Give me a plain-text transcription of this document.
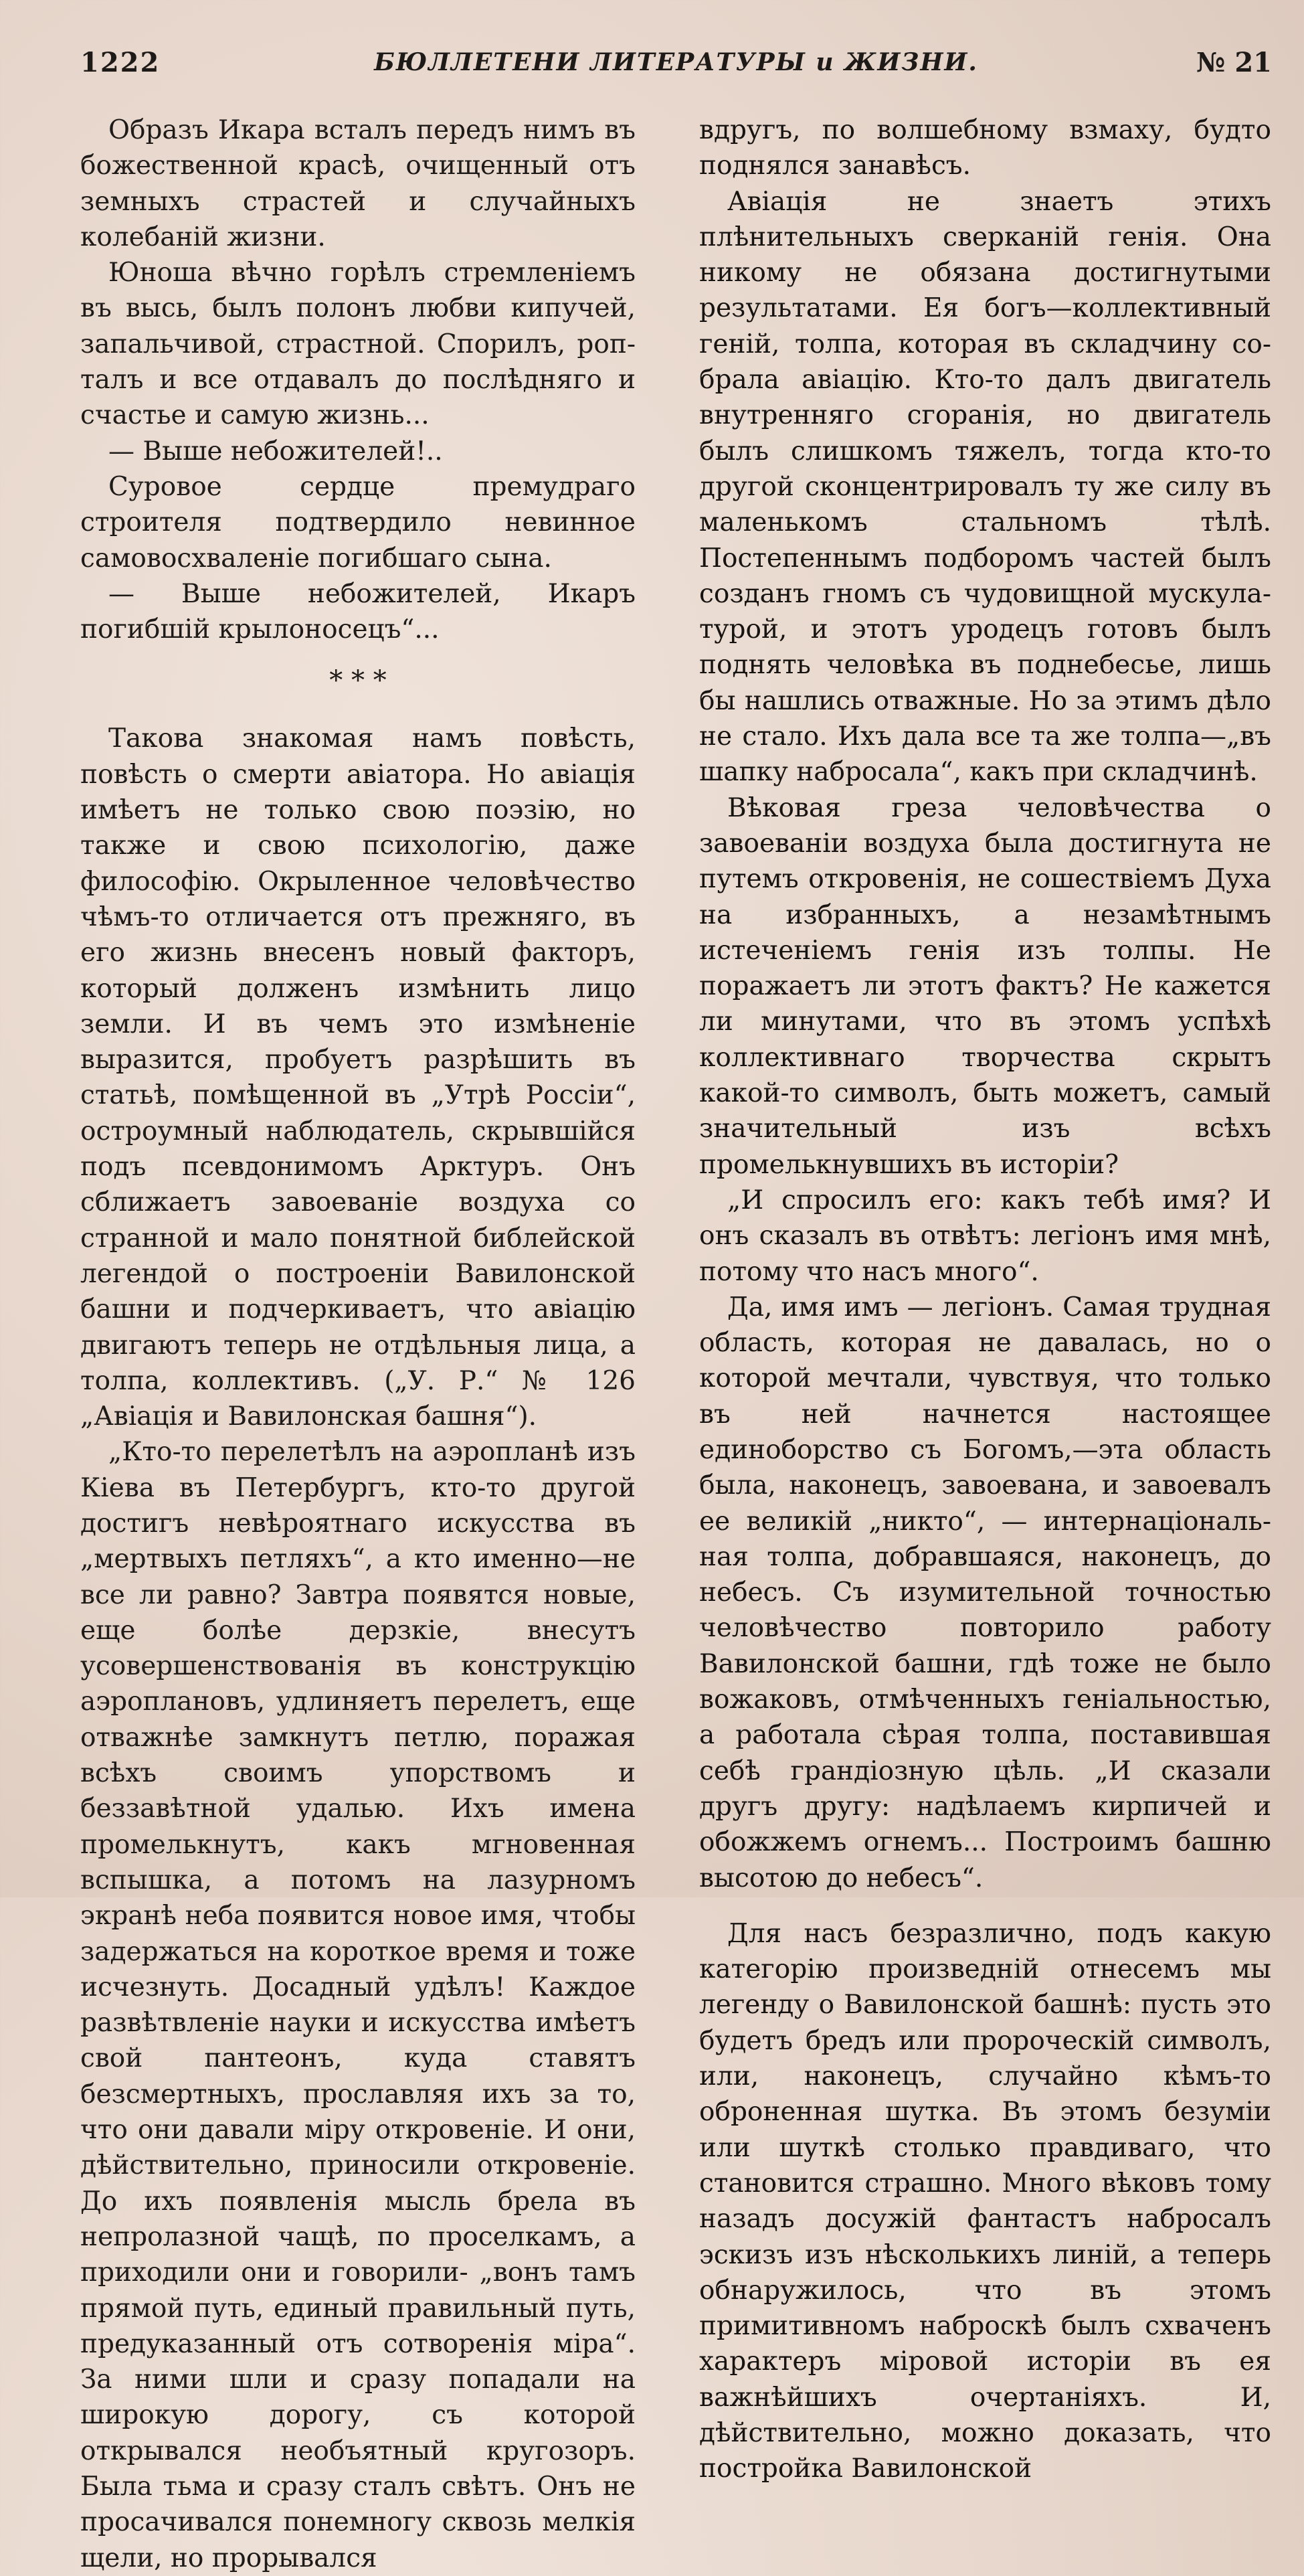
1222	БЮЛЛЕТЕНИ ЛИТЕРАТУРЫ и ЖИЗНИ.	№ 21

Образъ Икара всталъ передъ нимъ въ божественной красѣ, очищенный отъ земныхъ страстей и случайныхъ колебаній жизни.

Юноша вѣчно горѣлъ стремленіемъ въ высь, былъ полонъ любви кипучей, запальчивой, страстной. Спорилъ, ропталъ и все отдавалъ до послѣдняго и счастье и самую жизнь...

— Выше небожителей!..

Суровое сердце премудраго строителя подтвердило невинное самовосхваленіе погибшаго сына.

— Выше небожителей, Икаръ погибшій крылоносецъ“...

* * *

Такова знакомая намъ повѣсть, повѣсть о смерти авіатора. Но авіація имѣетъ не только свою поэзію, но также и свою психологію, даже философію. Окрыленное человѣчество чѣмъ-то отличается отъ прежняго, въ его жизнь внесенъ новый факторъ, который долженъ измѣнить лицо земли. И въ чемъ это измѣненіе выразится, пробуетъ разрѣшить въ статьѣ, помѣщенной въ „Утрѣ Россіи“, остроумный наблюдатель, скрывшійся подъ псевдонимомъ Арктуръ. Онъ сближаетъ завоеваніе воздуха со странной и мало понятной библейской легендой о построеніи Вавилонской башни и подчеркиваетъ, что авіацію двигаютъ теперь не отдѣльныя лица, а толпа, коллективъ. („У. Р.“ № 126 „Авіація и Вавилонская башня“).

„Кто-то перелетѣлъ на аэропланѣ изъ Кіева въ Петербургъ, кто-то другой достигъ невѣроятнаго искусства въ „мертвыхъ петляхъ“, а кто именно—не все ли равно? Завтра появятся новые, еще болѣе дерзкіе, внесутъ усовершенствованія въ конструкцію аэроплановъ, удлиняетъ перелетъ, еще отважнѣе замкнутъ петлю, поражая всѣхъ своимъ упорствомъ и беззавѣтной удалью. Ихъ имена промелькнутъ, какъ мгновенная вспышка, а потомъ на лазурномъ экранѣ неба появится новое имя, чтобы задержаться на короткое время и тоже исчезнуть. Досадный удѣлъ! Каждое развѣтвленіе науки и искусства имѣетъ свой пантеонъ, куда ставятъ безсмертныхъ, прославляя ихъ за то, что они давали міру откровеніе. И они, дѣйствительно, приносили откровеніе. До ихъ появленія мысль брела въ непролазной чащѣ, по проселкамъ, а приходили они и говорили- „вонъ тамъ прямой путь, единый правильный путь, предуказанный отъ сотворенія міра“. За ними шли и сразу попадали на широкую дорогу, съ которой открывался необъятный кругозоръ. Была тьма и сразу сталъ свѣтъ. Онъ не просачивался понемногу сквозь мелкія щели, но прорывался

вдругъ, по волшебному взмаху, будто поднялся занавѣсъ.

Авіація не знаетъ этихъ плѣнительныхъ сверканій генія. Она никому не обязана достигнутыми результатами. Ея богъ—коллективный геній, толпа, которая въ складчину собрала авіацію. Кто-то далъ двигатель внутренняго сгоранія, но двигатель былъ слишкомъ тяжелъ, тогда кто-то другой сконцентрировалъ ту же силу въ маленькомъ стальномъ тѣлѣ. Постепеннымъ подборомъ частей былъ созданъ гномъ съ чудовищной мускулатурой, и этотъ уродецъ готовъ былъ поднять человѣка въ поднебесье, лишь бы нашлись отважные. Но за этимъ дѣло не стало. Ихъ дала все та же толпа—„въ шапку набросала“, какъ при складчинѣ.

Вѣковая греза человѣчества о завоеваніи воздуха была достигнута не путемъ откровенія, не сошествіемъ Духа на избранныхъ, а незамѣтнымъ истеченіемъ генія изъ толпы. Не поражаетъ ли этотъ фактъ? Не кажется ли минутами, что въ этомъ успѣхѣ коллективнаго творчества скрытъ какой-то символъ, быть можетъ, самый значительный изъ всѣхъ промелькнувшихъ въ исторіи?

„И спросилъ его: какъ тебѣ имя? И онъ сказалъ въ отвѣтъ: легіонъ имя мнѣ, потому что насъ много“.

Да, имя имъ — легіонъ. Самая трудная область, которая не давалась, но о которой мечтали, чувствуя, что только въ ней начнется настоящее единоборство съ Богомъ,—эта область была, наконецъ, завоевана, и завоевалъ ее великій „никто“, — интернаціональная толпа, добравшаяся, наконецъ, до небесъ. Съ изумительной точностью человѣчество повторило работу Вавилонской башни, гдѣ тоже не было вожаковъ, отмѣченныхъ геніальностью, а работала сѣрая толпа, поставившая себѣ грандіозную цѣль. „И сказали другъ другу: надѣлаемъ кирпичей и обожжемъ огнемъ... Построимъ башню высотою до небесъ“.

Для насъ безразлично, подъ какую категорію произведній отнесемъ мы легенду о Вавилонской башнѣ: пусть это будетъ бредъ или пророческій символъ, или, наконецъ, случайно кѣмъ-то оброненная шутка. Въ этомъ безуміи или шуткѣ столько правдиваго, что становится страшно. Много вѣковъ тому назадъ досужій фантастъ набросалъ эскизъ изъ нѣсколькихъ линій, а теперь обнаружилось, что въ этомъ примитивномъ наброскѣ былъ схваченъ характеръ міровой исторіи въ ея важнѣйшихъ очертаніяхъ. И, дѣйствительно, можно доказать, что постройка Вавилонской
